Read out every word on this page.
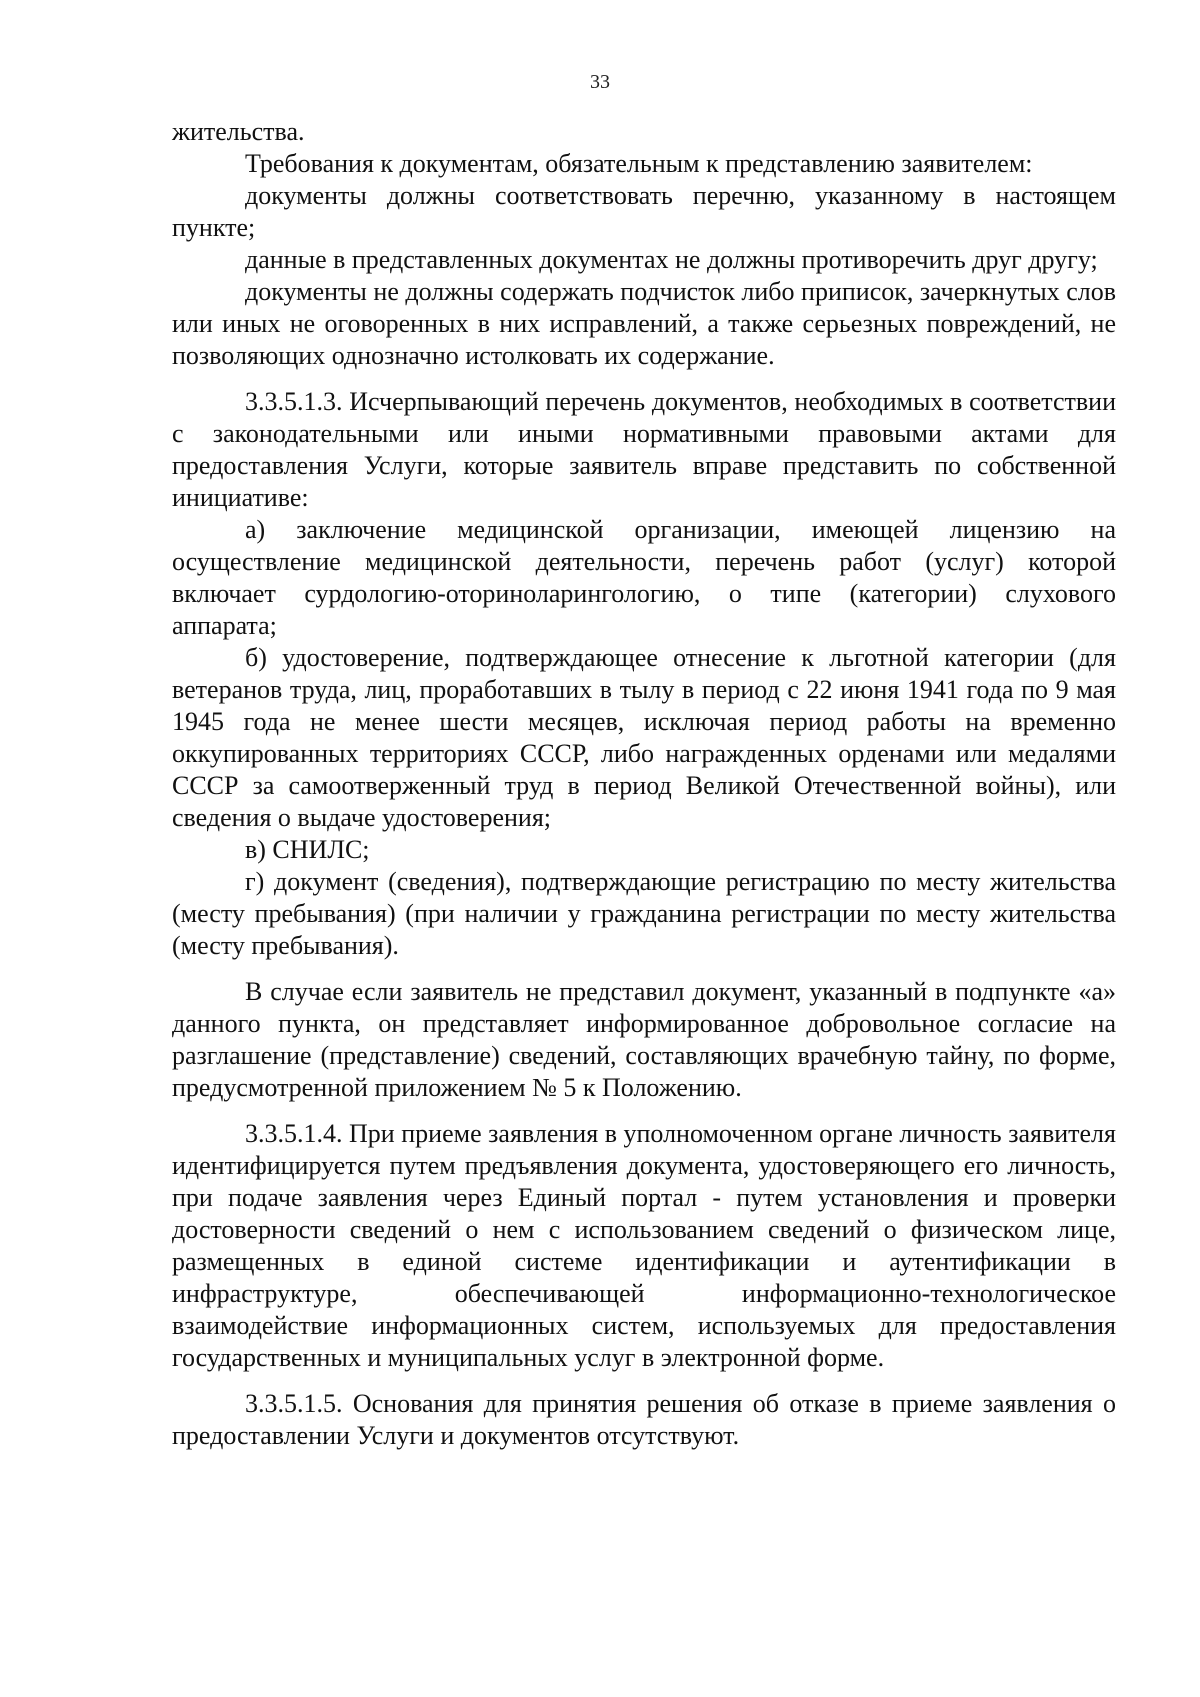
33

жительства.

Требования к документам, обязательным к представлению заявителем:

документы должны соответствовать перечню, указанному в настоящем пункте;

данные в представленных документах не должны противоречить друг другу;

документы не должны содержать подчисток либо приписок, зачеркнутых слов или иных не оговоренных в них исправлений, а также серьезных повреждений, не позволяющих однозначно истолковать их содержание.

3.3.5.1.3. Исчерпывающий перечень документов, необходимых в соответствии с законодательными или иными нормативными правовыми актами для предоставления Услуги, которые заявитель вправе представить по собственной инициативе:

а) заключение медицинской организации, имеющей лицензию на осуществление медицинской деятельности, перечень работ (услуг) которой включает сурдологию-оториноларингологию, о типе (категории) слухового аппарата;

б) удостоверение, подтверждающее отнесение к льготной категории (для ветеранов труда, лиц, проработавших в тылу в период с 22 июня 1941 года по 9 мая 1945 года не менее шести месяцев, исключая период работы на временно оккупированных территориях СССР, либо награжденных орденами или медалями СССР за самоотверженный труд в период Великой Отечественной войны), или сведения о выдаче удостоверения;

в) СНИЛС;

г) документ (сведения), подтверждающие регистрацию по месту жительства (месту пребывания) (при наличии у гражданина регистрации по месту жительства (месту пребывания).

В случае если заявитель не представил документ, указанный в подпункте «а» данного пункта, он представляет информированное добровольное согласие на разглашение (представление) сведений, составляющих врачебную тайну, по форме, предусмотренной приложением № 5 к Положению.

3.3.5.1.4. При приеме заявления в уполномоченном органе личность заявителя идентифицируется путем предъявления документа, удостоверяющего его личность, при подаче заявления через Единый портал - путем установления и проверки достоверности сведений о нем с использованием сведений о физическом лице, размещенных в единой системе идентификации и аутентификации в инфраструктуре, обеспечивающей информационно-технологическое взаимодействие информационных систем, используемых для предоставления государственных и муниципальных услуг в электронной форме.

3.3.5.1.5. Основания для принятия решения об отказе в приеме заявления о предоставлении Услуги и документов отсутствуют.
